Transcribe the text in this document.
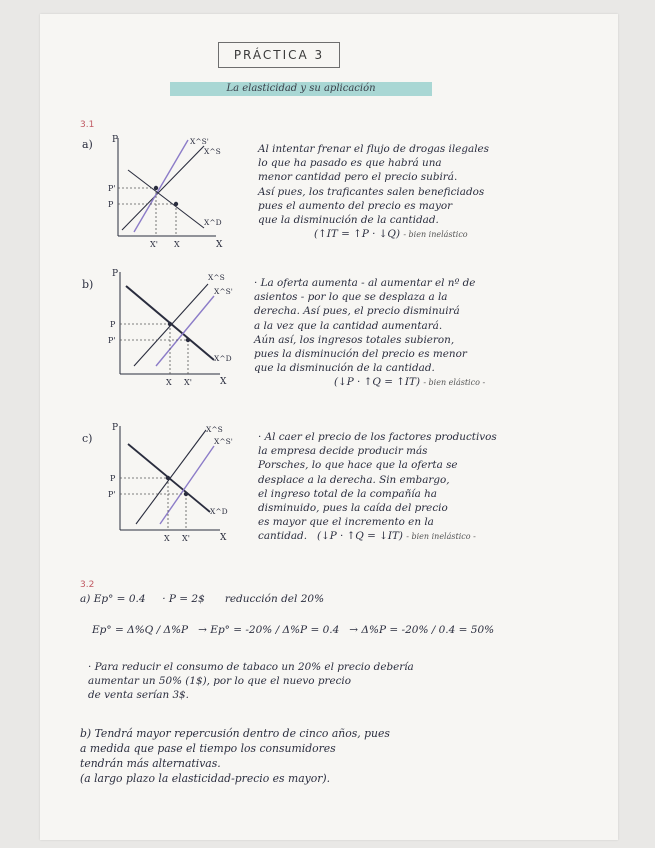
PRÁCTICA 3
La elasticidad y su aplicación
3.1
a) P
X
P'
P
X' X
X^S'
X^S
X^D
Al intentar frenar el flujo de drogas ilegales
lo que ha pasado es que habrá una
menor cantidad pero el precio subirá.
Así pues, los traficantes salen beneficiados
pues el aumento del precio es mayor
que la disminución de la cantidad.
(↑IT = ↑P · ↓Q) - bien inelástico
b)
P
X
P
P'
X X'
X^S
X^S'
X^D
· La oferta aumenta - al aumentar el nº de
asientos - por lo que se desplaza a la
derecha. Así pues, el precio disminuirá
a la vez que la cantidad aumentará.
Aún así, los ingresos totales subieron,
pues la disminución del precio es menor
que la disminución de la cantidad.
(↓P · ↑Q = ↑IT) - bien elástico -
c)
P
X
P
P'
X X'
X^S
X^S'
X^D
· Al caer el precio de los factores productivos
la empresa decide producir más
Porsches, lo que hace que la oferta se
desplace a la derecha. Sin embargo,
el ingreso total de la compañía ha
disminuido, pues la caída del precio
es mayor que el incremento en la
cantidad. (↓P · ↑Q = ↓IT) - bien inelástico -
3.2
a) Ep° = 0.4 · P = 2$ reducción del 20%
Ep° = Δ%Q / Δ%P → Ep° = -20% / Δ%P = 0.4 → Δ%P = -20% / 0.4 = 50%
· Para reducir el consumo de tabaco un 20% el precio debería
aumentar un 50% (1$), por lo que el nuevo precio
de venta serían 3$.
b) Tendrá mayor repercusión dentro de cinco años, pues
a medida que pase el tiempo los consumidores
tendrán más alternativas.
(a largo plazo la elasticidad-precio es mayor).
